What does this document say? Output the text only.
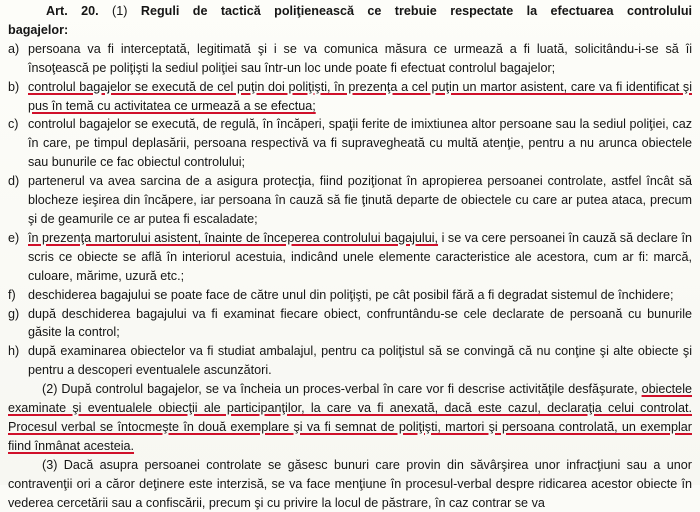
Art. 20. (1) Reguli de tactică poliţienească ce trebuie respectate la efectuarea controlului
bagajelor:
a) persoana va fi interceptată, legitimată şi i se va comunica măsura ce urmează a fi luată, solicitându-i-se să îi însoţească pe poliţişti la sediul poliţiei sau într-un loc unde poate fi efectuat controlul bagajelor;
b) controlul bagajelor se execută de cel puţin doi poliţişti, în prezenţa a cel puţin un martor asistent, care va fi identificat şi pus în temă cu activitatea ce urmează a se efectua;
c) controlul bagajelor se execută, de regulă, în încăperi, spaţii ferite de imixtiunea altor persoane sau la sediul poliţiei, caz în care, pe timpul deplasării, persoana respectivă va fi supravegheată cu multă atenţie, pentru a nu arunca obiectele sau bunurile ce fac obiectul controlului;
d) partenerul va avea sarcina de a asigura protecţia, fiind poziţionat în apropierea persoanei controlate, astfel încât să blocheze ieşirea din încăpere, iar persoana în cauză să fie ţinută departe de obiectele cu care ar putea ataca, precum şi de geamurile ce ar putea fi escaladate;
e) în prezenţa martorului asistent, înainte de începerea controlului bagajului, i se va cere persoanei în cauză să declare în scris ce obiecte se află în interiorul acestuia, indicând unele elemente caracteristice ale acestora, cum ar fi: marcă, culoare, mărime, uzură etc.;
f) deschiderea bagajului se poate face de către unul din poliţişti, pe cât posibil fără a fi degradat sistemul de închidere;
g) după deschiderea bagajului va fi examinat fiecare obiect, confruntându-se cele declarate de persoană cu bunurile găsite la control;
h) după examinarea obiectelor va fi studiat ambalajul, pentru ca poliţistul să se convingă că nu conţine şi alte obiecte şi pentru a descoperi eventualele ascunzători.
(2) După controlul bagajelor, se va încheia un proces-verbal în care vor fi descrise activităţile desfăşurate, obiectele examinate şi eventualele obiecţii ale participanţilor, la care va fi anexată, dacă este cazul, declaraţia celui controlat. Procesul verbal se întocmeşte în două exemplare şi va fi semnat de poliţişti, martori şi persoana controlată, un exemplar fiind înmânat acesteia.
(3) Dacă asupra persoanei controlate se găsesc bunuri care provin din săvârşirea unor infracţiuni sau a unor contravenţii ori a căror deţinere este interzisă, se va face menţiune în procesul-verbal despre ridicarea acestor obiecte în vederea cercetării sau a confiscării, precum şi cu privire la locul de păstrare, în caz contrar se va
